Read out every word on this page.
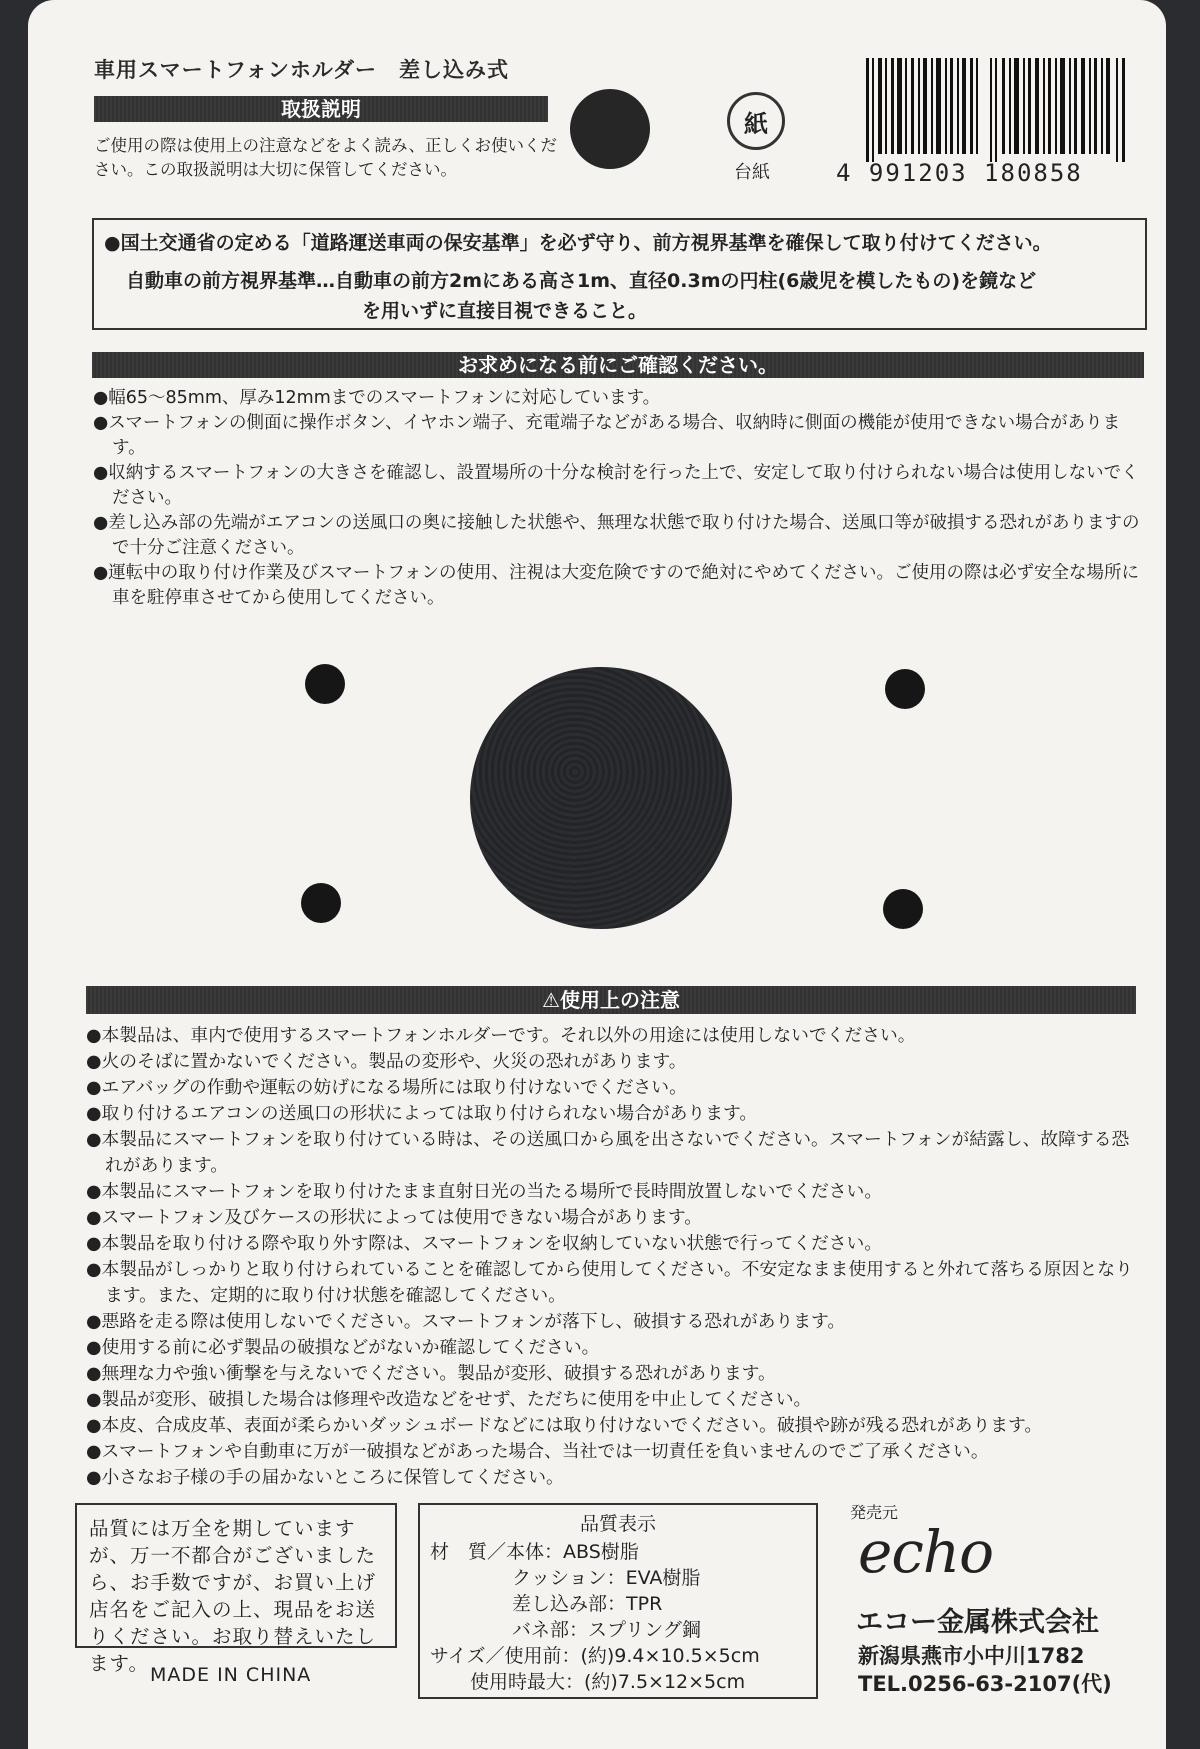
車用スマートフォンホルダー　差し込み式
取扱説明
ご使用の際は使用上の注意などをよく読み、正しくお使いください。この取扱説明は大切に保管してください。
紙
台紙	4 991203 180858
●国土交通省の定める「道路運送車両の保安基準」を必ず守り、前方視界基準を確保して取り付けてください。
自動車の前方視界基準…自動車の前方2mにある高さ1m、直径0.3mの円柱(6歳児を模したもの)を鏡など
を用いずに直接目視できること。
お求めになる前にご確認ください。
●幅65～85mm、厚み12mmまでのスマートフォンに対応しています。
●スマートフォンの側面に操作ボタン、イヤホン端子、充電端子などがある場合、収納時に側面の機能が使用できない場合があります。
●収納するスマートフォンの大きさを確認し、設置場所の十分な検討を行った上で、安定して取り付けられない場合は使用しないでください。
●差し込み部の先端がエアコンの送風口の奥に接触した状態や、無理な状態で取り付けた場合、送風口等が破損する恐れがありますので十分ご注意ください。
●運転中の取り付け作業及びスマートフォンの使用、注視は大変危険ですので絶対にやめてください。ご使用の際は必ず安全な場所に車を駐停車させてから使用してください。
⚠使用上の注意
●本製品は、車内で使用するスマートフォンホルダーです。それ以外の用途には使用しないでください。
●火のそばに置かないでください。製品の変形や、火災の恐れがあります。
●エアバッグの作動や運転の妨げになる場所には取り付けないでください。
●取り付けるエアコンの送風口の形状によっては取り付けられない場合があります。
●本製品にスマートフォンを取り付けている時は、その送風口から風を出さないでください。スマートフォンが結露し、故障する恐れがあります。
●本製品にスマートフォンを取り付けたまま直射日光の当たる場所で長時間放置しないでください。
●スマートフォン及びケースの形状によっては使用できない場合があります。
●本製品を取り付ける際や取り外す際は、スマートフォンを収納していない状態で行ってください。
●本製品がしっかりと取り付けられていることを確認してから使用してください。不安定なまま使用すると外れて落ちる原因となります。また、定期的に取り付け状態を確認してください。
●悪路を走る際は使用しないでください。スマートフォンが落下し、破損する恐れがあります。
●使用する前に必ず製品の破損などがないか確認してください。
●無理な力や強い衝撃を与えないでください。製品が変形、破損する恐れがあります。
●製品が変形、破損した場合は修理や改造などをせず、ただちに使用を中止してください。
●本皮、合成皮革、表面が柔らかいダッシュボードなどには取り付けないでください。破損や跡が残る恐れがあります。
●スマートフォンや自動車に万が一破損などがあった場合、当社では一切責任を負いませんのでご了承ください。
●小さなお子様の手の届かないところに保管してください。
品質には万全を期していますが、万一不都合がございましたら、お手数ですが、お買い上げ店名をご記入の上、現品をお送りください。お取り替えいたします。 MADE IN CHINA
品質表示
材　質／本体：ABS樹脂
クッション：EVA樹脂
差し込み部：TPR
バネ部：スプリング鋼
サイズ／使用前：(約)9.4×10.5×5cm
使用時最大：(約)7.5×12×5cm
発売元
echo
エコー金属株式会社
新潟県燕市小中川1782
TEL.0256-63-2107(代)
